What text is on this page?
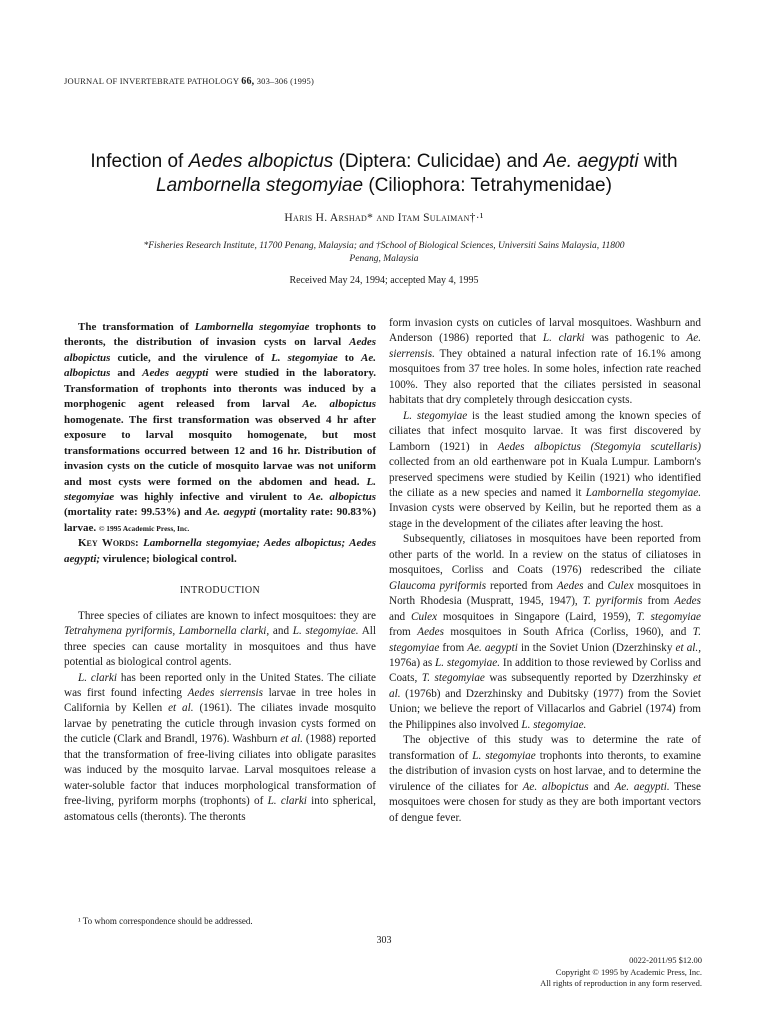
JOURNAL OF INVERTEBRATE PATHOLOGY 66, 303–306 (1995)
Infection of Aedes albopictus (Diptera: Culicidae) and Ae. aegypti with
Lambornella stegomyiae (Ciliophora: Tetrahymenidae)
Haris H. Arshad* and Itam Sulaiman†·¹
*Fisheries Research Institute, 11700 Penang, Malaysia; and †School of Biological Sciences, Universiti Sains Malaysia, 11800
Penang, Malaysia
Received May 24, 1994; accepted May 4, 1995

The transformation of Lambornella stegomyiae trophonts to theronts, the distribution of invasion cysts on larval Aedes albopictus cuticle, and the virulence of L. stegomyiae to Ae. albopictus and Aedes aegypti were studied in the laboratory. Transformation of trophonts into theronts was induced by a morphogenic agent released from larval Ae. albopictus homogenate. The first transformation was observed 4 hr after exposure to larval mosquito homogenate, but most transformations occurred between 12 and 16 hr. Distribution of invasion cysts on the cuticle of mosquito larvae was not uniform and most cysts were formed on the abdomen and head. L. stegomyiae was highly infective and virulent to Ae. albopictus (mortality rate: 99.53%) and Ae. aegypti (mortality rate: 90.83%) larvae. © 1995 Academic Press, Inc.

Key Words: Lambornella stegomyiae; Aedes albopictus; Aedes aegypti; virulence; biological control.

INTRODUCTION

Three species of ciliates are known to infect mosquitoes: they are Tetrahymena pyriformis, Lambornella clarki, and L. stegomyiae. All three species can cause mortality in mosquitoes and thus have potential as biological control agents.

L. clarki has been reported only in the United States. The ciliate was first found infecting Aedes sierrensis larvae in tree holes in California by Kellen et al. (1961). The ciliates invade mosquito larvae by penetrating the cuticle through invasion cysts formed on the cuticle (Clark and Brandl, 1976). Washburn et al. (1988) reported that the transformation of free-living ciliates into obligate parasites was induced by the mosquito larvae. Larval mosquitoes release a water-soluble factor that induces morphological transformation of free-living, pyriform morphs (trophonts) of L. clarki into spherical, astomatous cells (theronts). The theronts

form invasion cysts on cuticles of larval mosquitoes. Washburn and Anderson (1986) reported that L. clarki was pathogenic to Ae. sierrensis. They obtained a natural infection rate of 16.1% among mosquitoes from 37 tree holes. In some holes, infection rate reached 100%. They also reported that the ciliates persisted in seasonal habitats that dry completely through desiccation cysts.

L. stegomyiae is the least studied among the known species of ciliates that infect mosquito larvae. It was first discovered by Lamborn (1921) in Aedes albopictus (Stegomyia scutellaris) collected from an old earthenware pot in Kuala Lumpur. Lamborn's preserved specimens were studied by Keilin (1921) who identified the ciliate as a new species and named it Lambornella stegomyiae. Invasion cysts were observed by Keilin, but he reported them as a stage in the development of the ciliates after leaving the host.

Subsequently, ciliatoses in mosquitoes have been reported from other parts of the world. In a review on the status of ciliatoses in mosquitoes, Corliss and Coats (1976) redescribed the ciliate Glaucoma pyriformis reported from Aedes and Culex mosquitoes in North Rhodesia (Muspratt, 1945, 1947), T. pyriformis from Aedes and Culex mosquitoes in Singapore (Laird, 1959), T. stegomyiae from Aedes mosquitoes in South Africa (Corliss, 1960), and T. stegomyiae from Ae. aegypti in the Soviet Union (Dzerzhinsky et al., 1976a) as L. stegomyiae. In addition to those reviewed by Corliss and Coats, T. stegomyiae was subsequently reported by Dzerzhinsky et al. (1976b) and Dzerzhinsky and Dubitsky (1977) from the Soviet Union; we believe the report of Villacarlos and Gabriel (1974) from the Philippines also involved L. stegomyiae.

The objective of this study was to determine the rate of transformation of L. stegomyiae trophonts into theronts, to examine the distribution of invasion cysts on host larvae, and to determine the virulence of the ciliates for Ae. albopictus and Ae. aegypti. These mosquitoes were chosen for study as they are both important vectors of dengue fever.

¹ To whom correspondence should be addressed.
303
0022-2011/95 $12.00
Copyright © 1995 by Academic Press, Inc.
All rights of reproduction in any form reserved.
